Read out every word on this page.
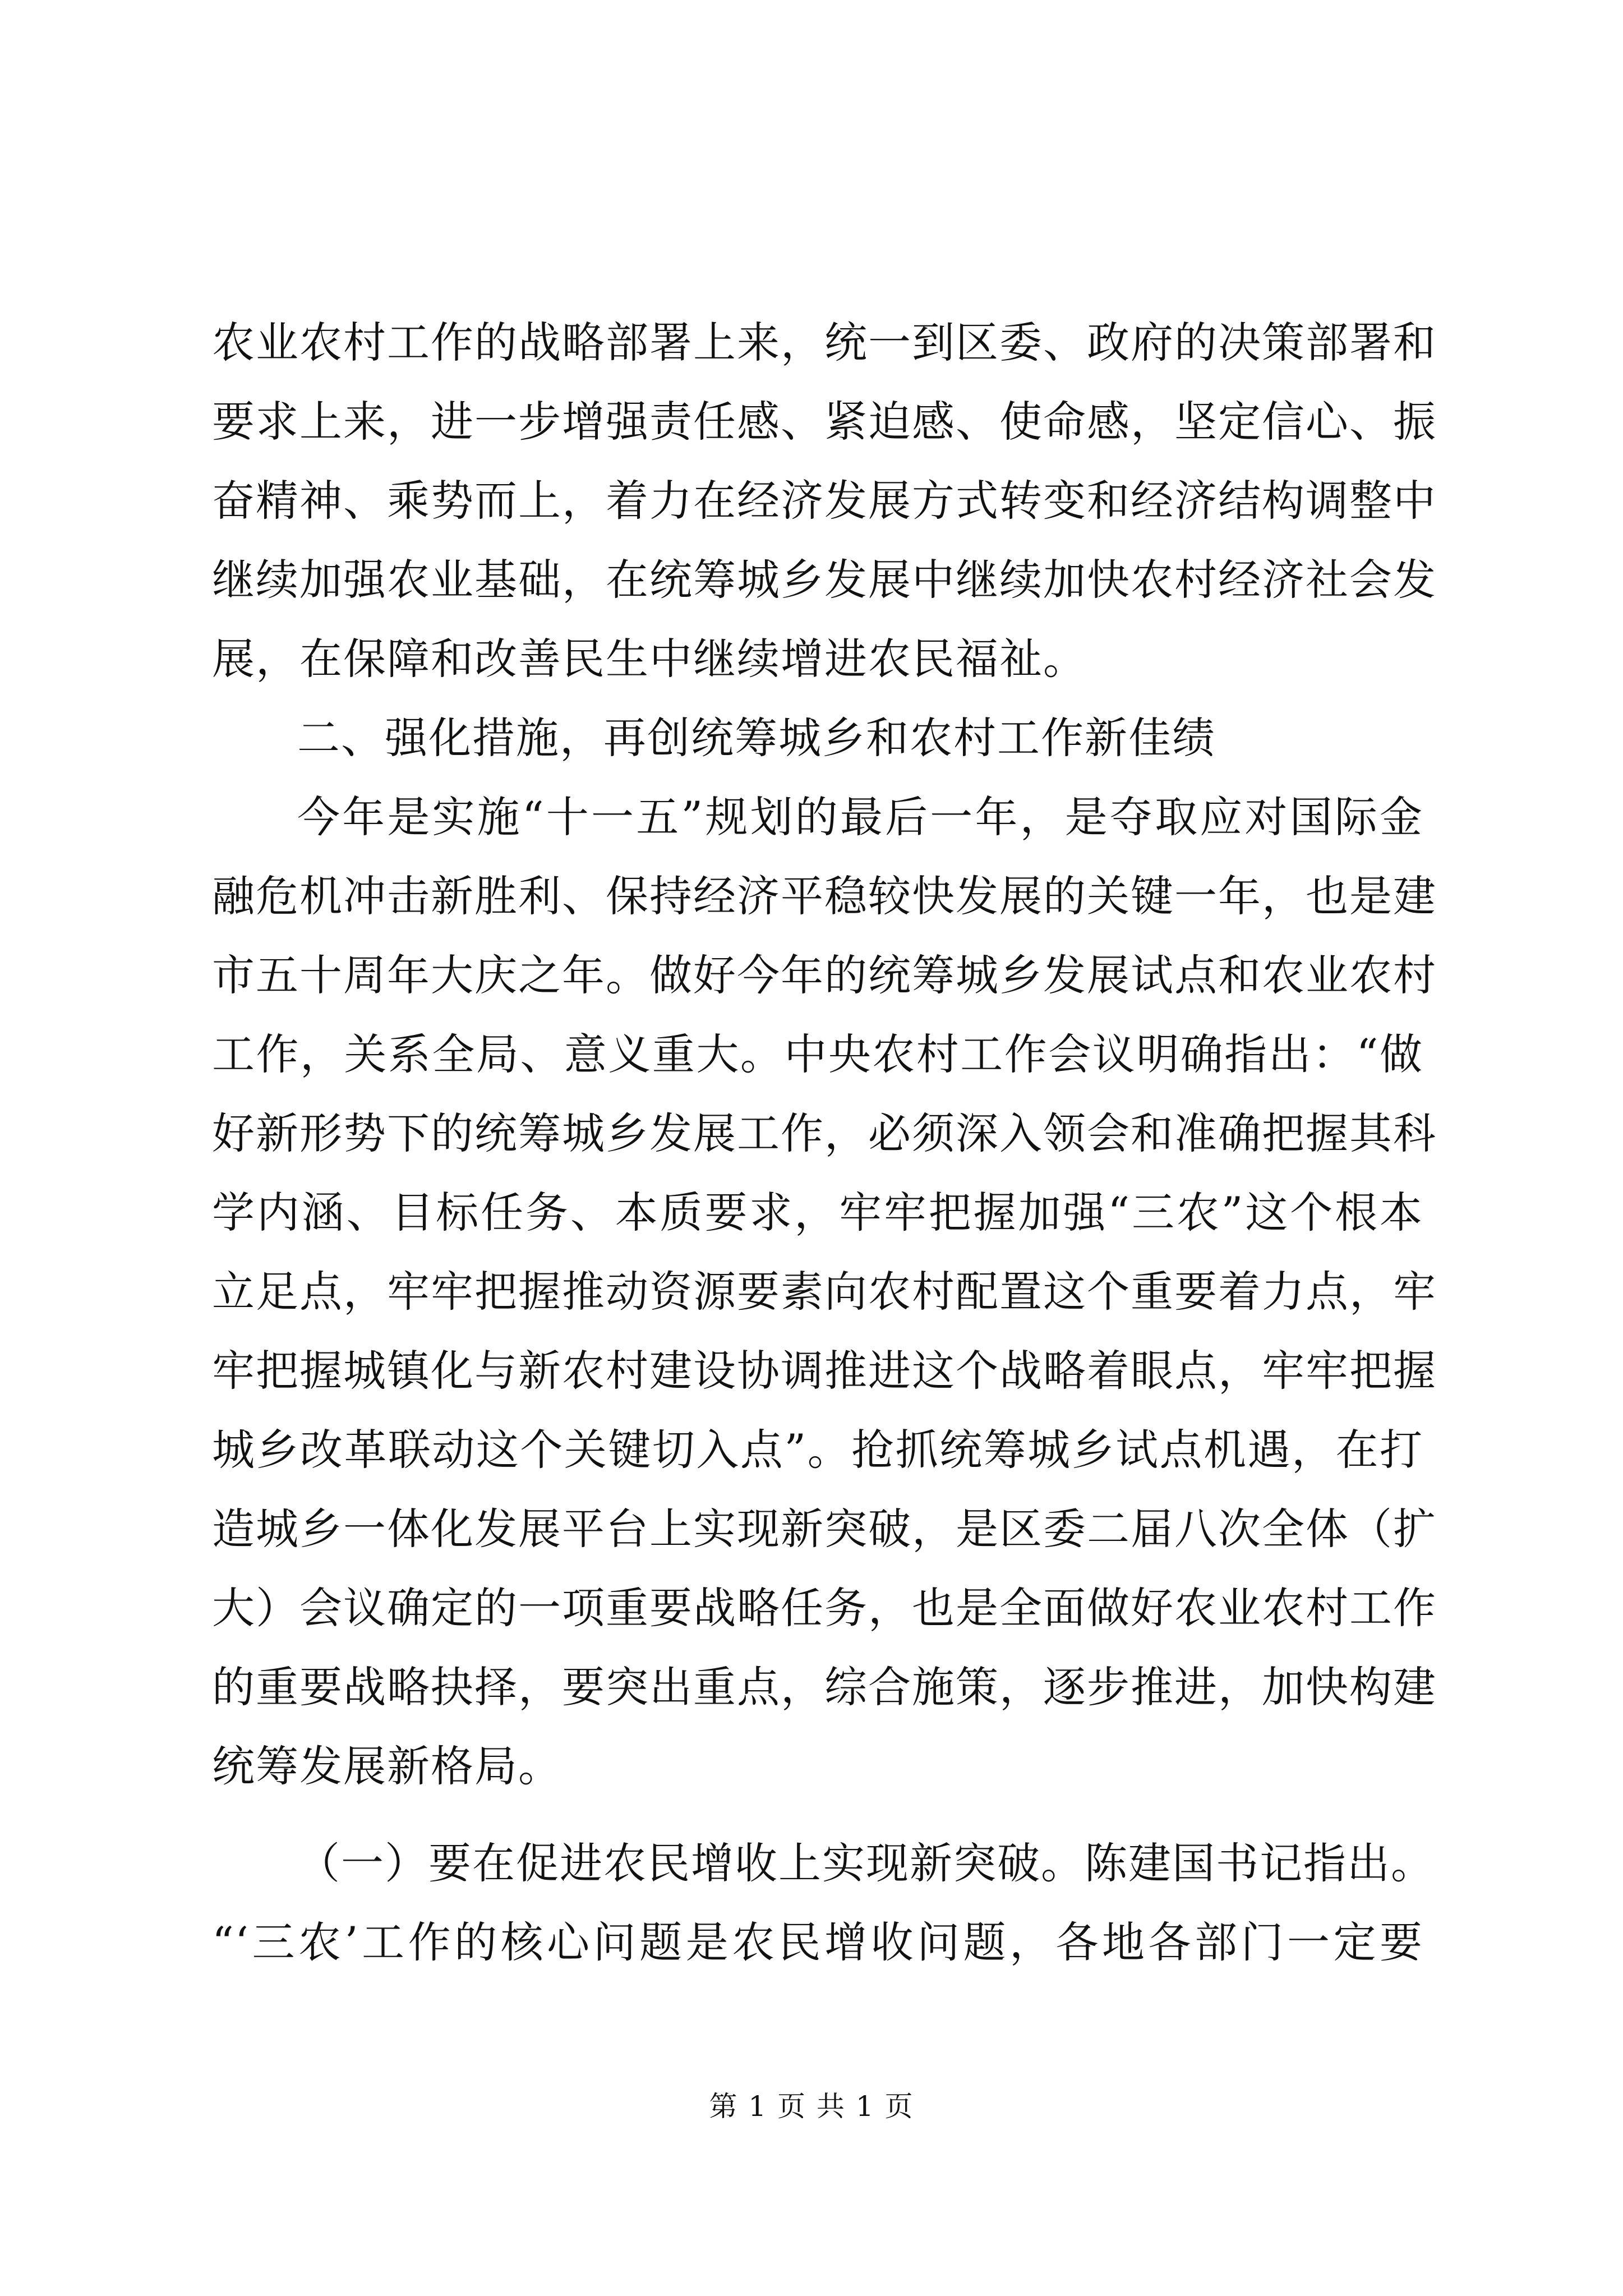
农业农村工作的战略部署上来，统一到区委、政府的决策部署和
要求上来，进一步增强责任感、紧迫感、使命感，坚定信心、振
奋精神、乘势而上，着力在经济发展方式转变和经济结构调整中
继续加强农业基础，在统筹城乡发展中继续加快农村经济社会发
展，在保障和改善民生中继续增进农民福祉。
二、强化措施，再创统筹城乡和农村工作新佳绩
今年是实施“十一五”规划的最后一年，是夺取应对国际金
融危机冲击新胜利、保持经济平稳较快发展的关键一年，也是建
市五十周年大庆之年。做好今年的统筹城乡发展试点和农业农村
工作，关系全局、意义重大。中央农村工作会议明确指出：“做
好新形势下的统筹城乡发展工作，必须深入领会和准确把握其科
学内涵、目标任务、本质要求，牢牢把握加强“三农”这个根本
立足点，牢牢把握推动资源要素向农村配置这个重要着力点，牢
牢把握城镇化与新农村建设协调推进这个战略着眼点，牢牢把握
城乡改革联动这个关键切入点”。抢抓统筹城乡试点机遇，在打
造城乡一体化发展平台上实现新突破，是区委二届八次全体（扩
大）会议确定的一项重要战略任务，也是全面做好农业农村工作
的重要战略抉择，要突出重点，综合施策，逐步推进，加快构建
统筹发展新格局。
（一）要在促进农民增收上实现新突破。陈建国书记指出。
“‘三农’工作的核心问题是农民增收问题，各地各部门一定要
第 1 页 共 1 页
